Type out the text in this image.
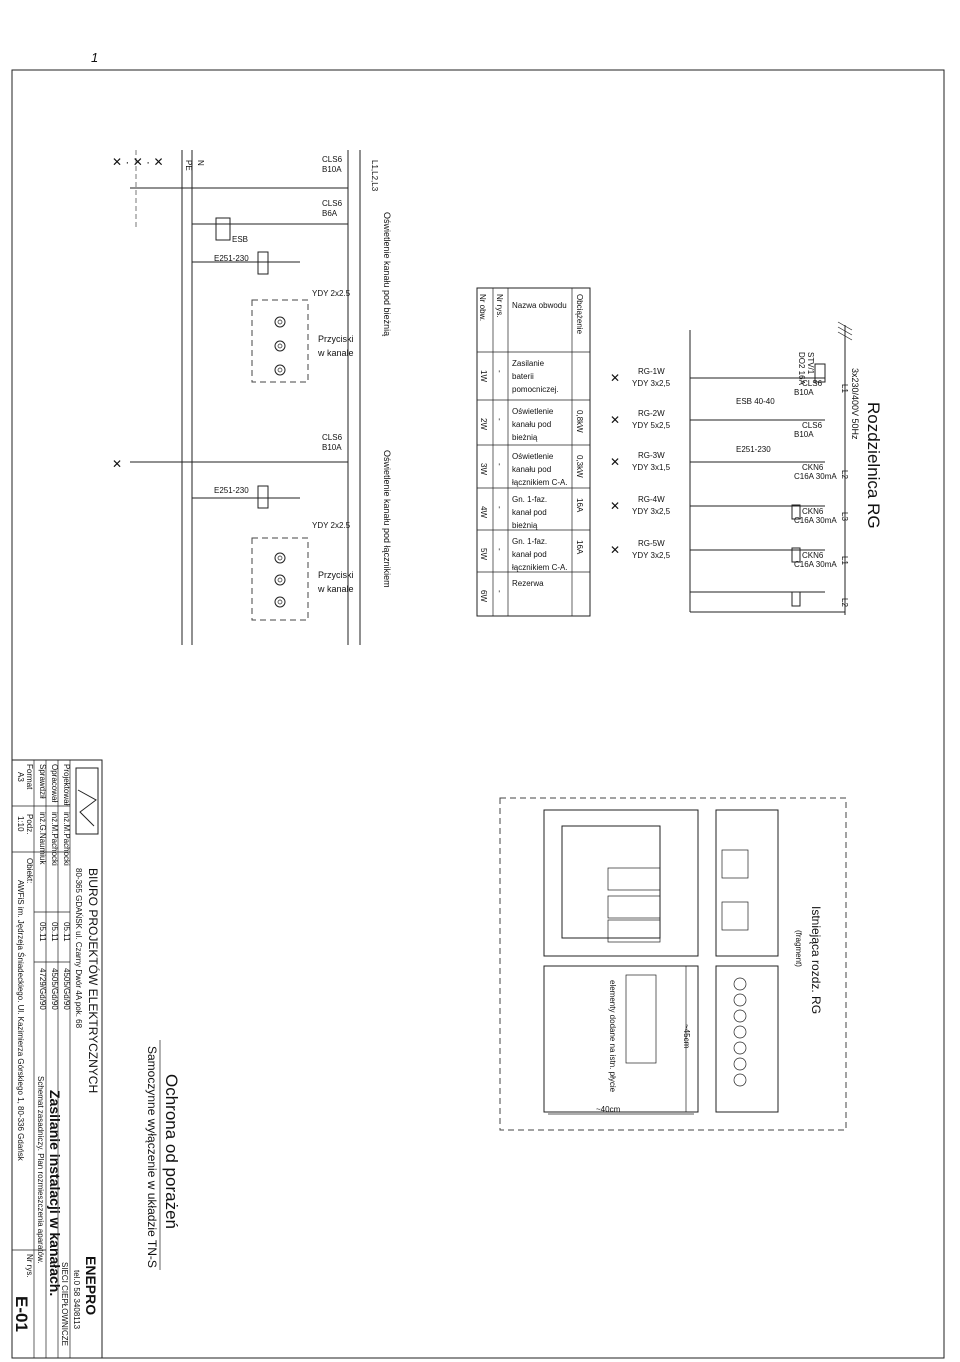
1
Rozdzielnica RG
3x230/400V 50Hz
STV/1
DO2 16A
CLS6
B10A
CLS6
B10A
CKN6
C16A 30mA
CKN6
C16A 30mA
CKN6
C16A 30mA
ESB 40-40
E251-230
RG-1W
YDY 3x2,5
✕
RG-2W
YDY 5x2,5
✕
RG-3W
YDY 3x1,5
✕
RG-4W
YDY 3x2,5
✕
RG-5W
YDY 3x2,5
✕
L1
L2
L3
L1
L2
Nr obw. Nr rys. Nazwa obwodu Obciążenie
1W -
Zasilanie
baterii
pomocniczej.
2W -
Oświetlenie
kanału pod
bieżnią
0,8kW
3W -
Oświetlenie
kanału pod
łącznikiem C-A.
0,3kW
4W -
Gn. 1-faz.
kanał pod
bieżnią
16A
5W -
Gn. 1-faz.
kanał pod
łącznikiem C-A.
16A
6W -
Rezerwa
L1,L2,L3
N
PE
Oświetlenie kanału pod bieżnią
Oświetlenie kanału pod łącznikiem
✕ · ✕ · ✕
✕
ESB
E251-230
CLS6
B10A
CLS6
B6A
YDY 2x2.5
Przyciski
w kanale
E251-230
CLS6
B10A
YDY 2x2.5
Przyciski
w kanale
Istniejąca rozdz. RG
(fragment)
elementy dodane na istn. płycie	~45cm
~40cm
Ochrona od porażeń
Samoczynne wyłączenie w układzie TN-S
BIURO PROJEKTÓW ELEKTRYCZNYCH
80-365 GDAŃSK ul. Czarny Dwór 4A pok. 68
ENEPRO
tel.0 58 3408113
SIECI CIEPŁOWNICZE
Projektował
inż.M.Pachocki
05.11
4505/Gd/90
Opracował
inż.M.Pachocki
05.11
4505/Gd/90
Sprawdził
inż.G.Naumiuk
05.11
4729/Gd/90
Format
A3
Podz.
1:10
Obiekt:
AWFiS im. Jędrzeja Śniadeckiego. Ul. Kazimierza Górskiego 1, 80-336 Gdańsk
Zasilanie instalacji w kanałach.
Schemat zasadniczy. Plan rozmieszczenia aparatów.
Nr rys.
E-01
